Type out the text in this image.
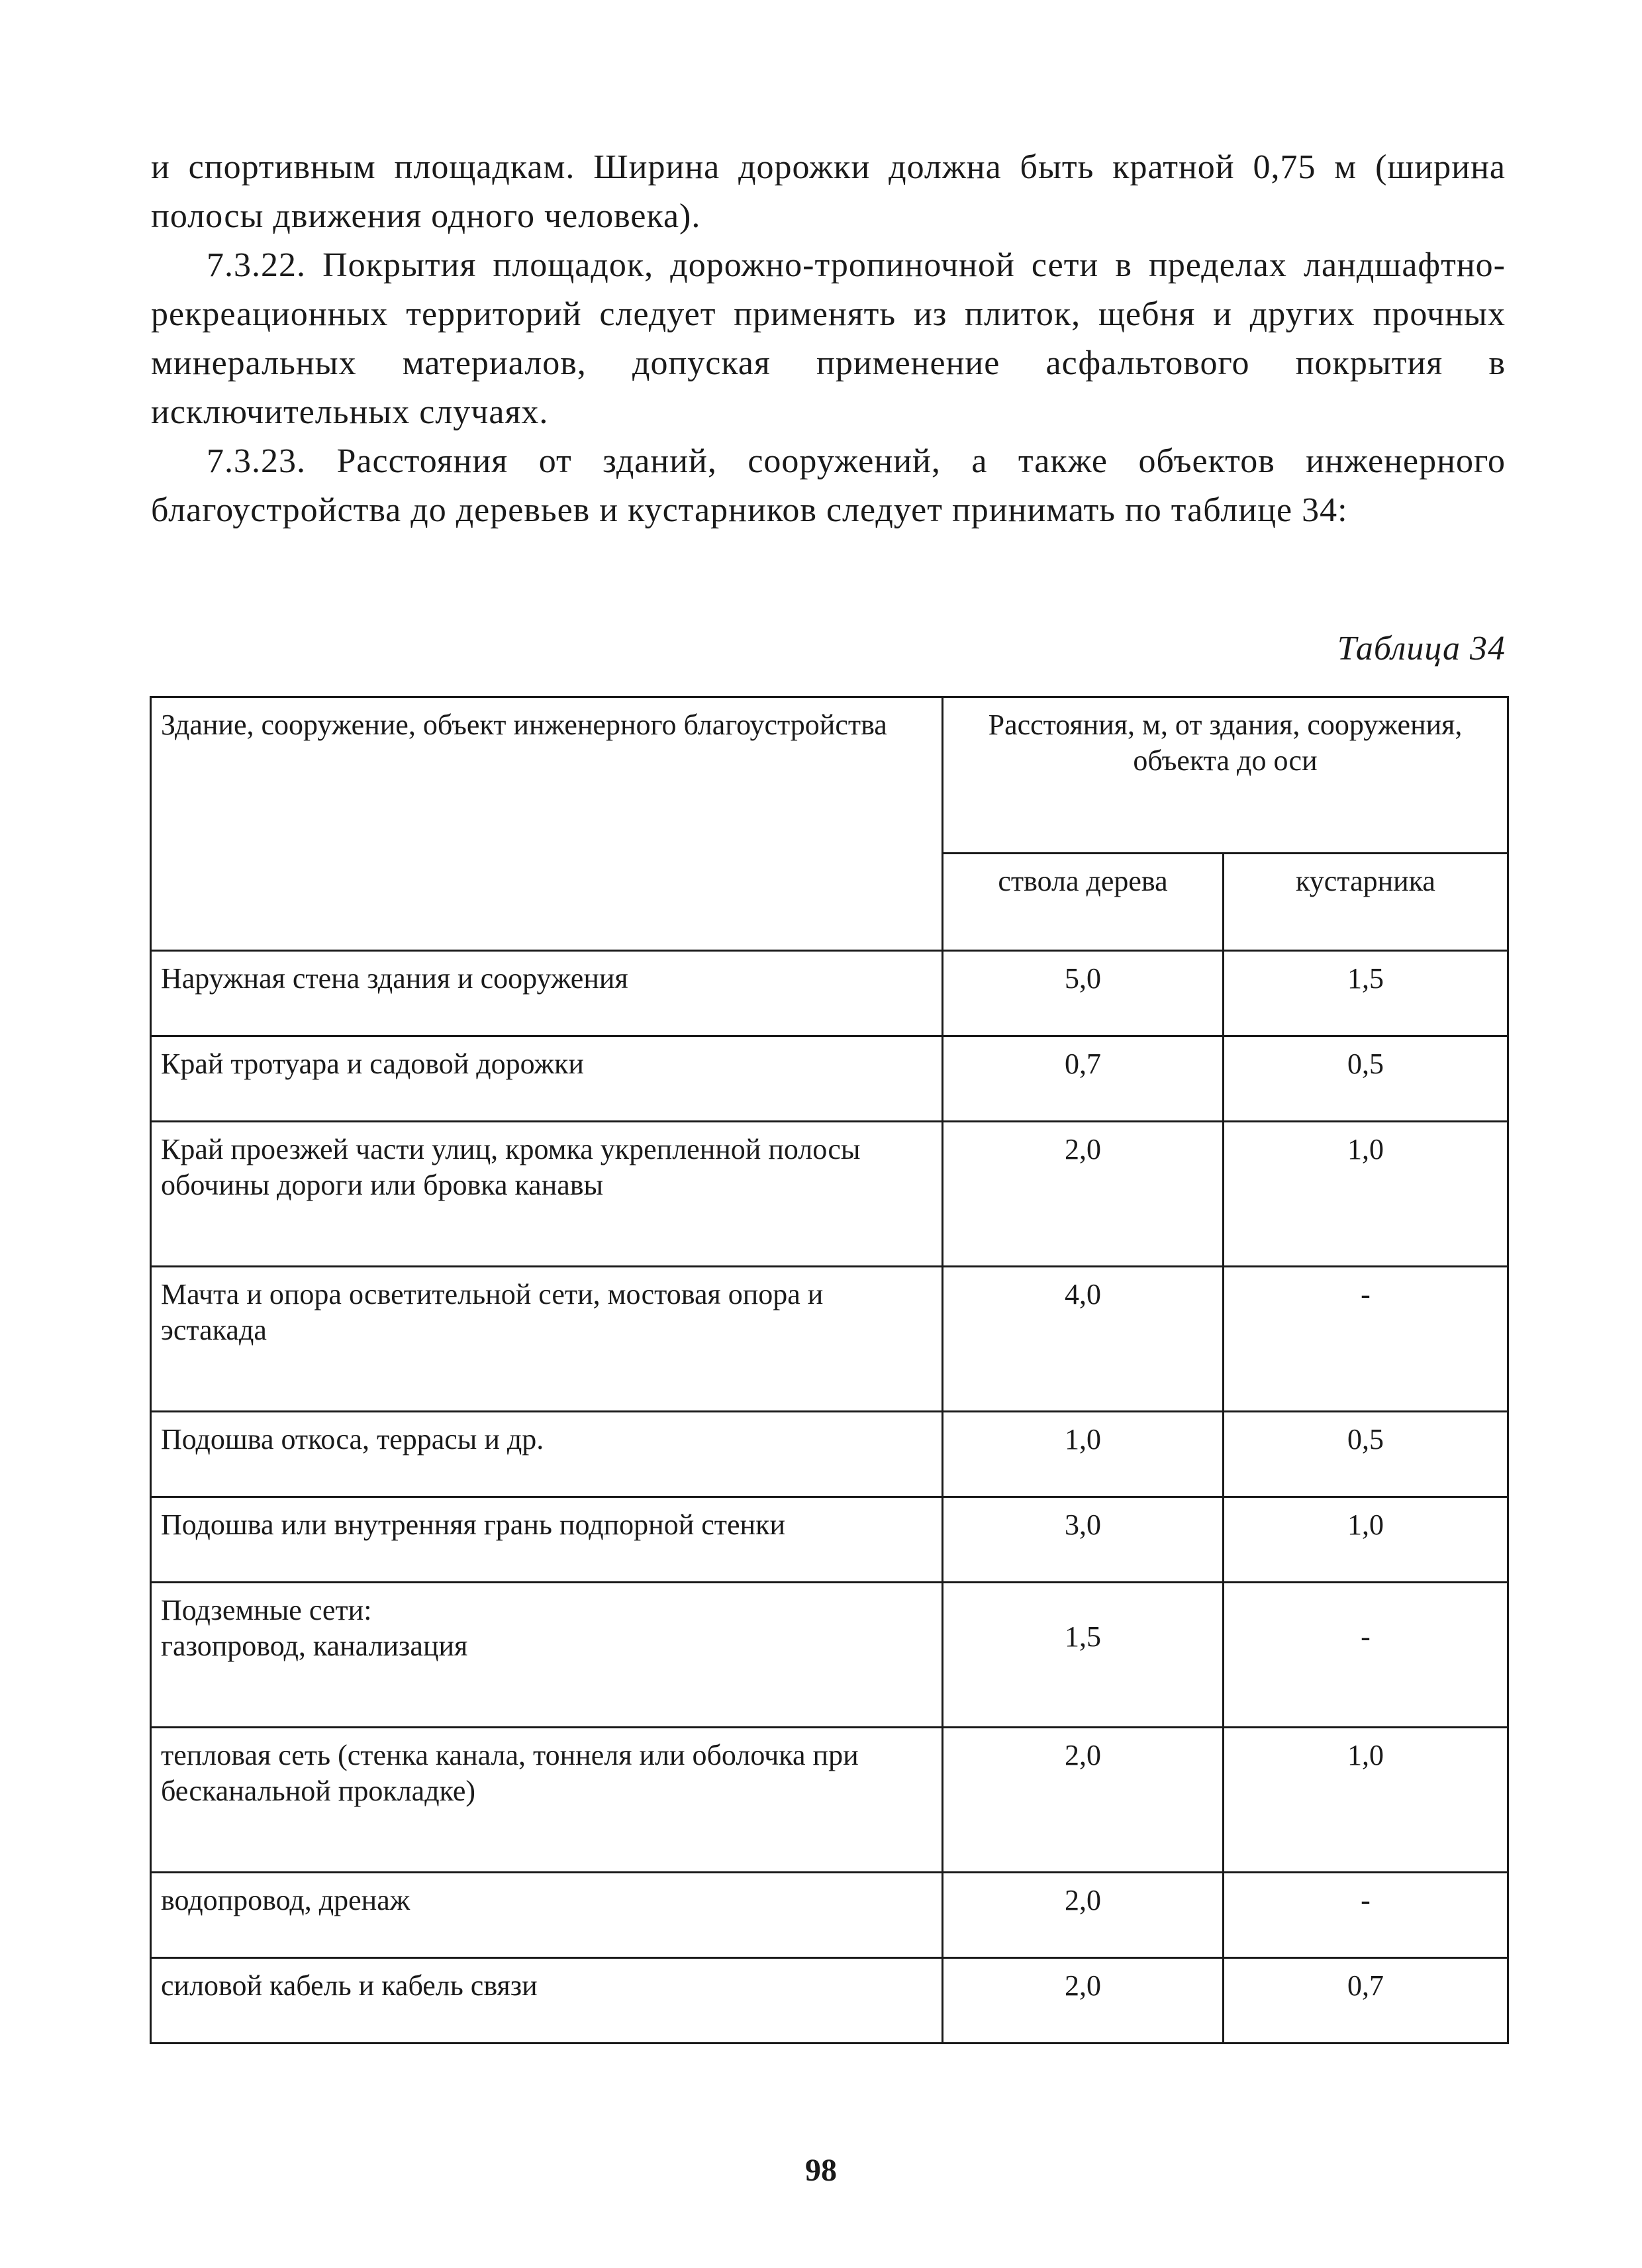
и спортивным площадкам. Ширина дорожки должна быть кратной 0,75 м (ширина полосы движения одного человека).

7.3.22. Покрытия площадок, дорожно-тропиночной сети в пределах ландшафтно-рекреационных территорий следует применять из плиток, щебня и других прочных минеральных материалов, допуская применение асфальтового покрытия в исключительных случаях.

7.3.23. Расстояния от зданий, сооружений, а также объектов инженерного благоустройства до деревьев и кустарников следует принимать по таблице 34:

Таблица 34
Здание, сооружение, объект инженерного благоустройства	Расстояния, м, от здания, сооружения, объекта до оси	
	ствола дерева	кустарника
Наружная стена здания и сооружения	5,0	1,5
Край тротуара и садовой дорожки	0,7	0,5
Край проезжей части улиц, кромка укрепленной полосы обочины дороги или бровка канавы	2,0	1,0
Мачта и опора осветительной сети, мостовая опора и эстакада	4,0	-
Подошва откоса, террасы и др.	1,0	0,5
Подошва или внутренняя грань подпорной стенки	3,0	1,0

Подземные сети:
газопровод, канализация	1,5	-
тепловая сеть (стенка канала, тоннеля или оболочка при бесканальной прокладке)	2,0	1,0
водопровод, дренаж	2,0	-
силовой кабель и кабель связи	2,0	0,7
98
